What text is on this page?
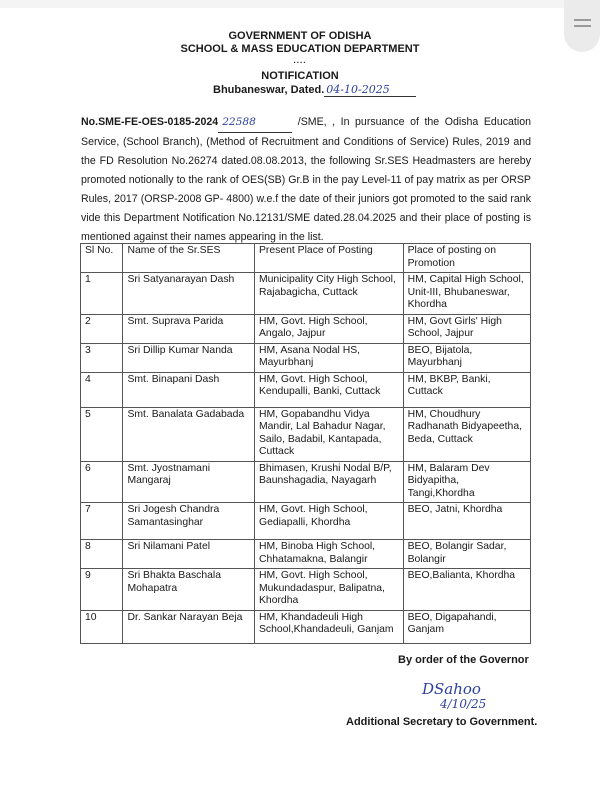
GOVERNMENT OF ODISHA
SCHOOL & MASS EDUCATION DEPARTMENT
....
NOTIFICATION
Bhubaneswar, Dated. 04-10-2025
No.SME-FE-OES-0185-2024 22588	/SME, , In pursuance of the Odisha Education Service, (School Branch), (Method of Recruitment and Conditions of Service) Rules, 2019 and the FD Resolution No.26274 dated.08.08.2013, the following Sr.SES Headmasters are hereby promoted notionally to the rank of OES(SB) Gr.B in the pay Level-11 of pay matrix as per ORSP Rules, 2017 (ORSP-2008 GP- 4800) w.e.f the date of their juniors got promoted to the said rank vide this Department Notification No.12131/SME dated.28.04.2025 and their place of posting is mentioned against their names appearing in the list.
Sl No.	Name of the Sr.SES	Present Place of Posting	Place of posting on Promotion
1	Sri Satyanarayan Dash	Municipality City High School, Rajabagicha, Cuttack	HM, Capital High School, Unit-III, Bhubaneswar, Khordha
2	Smt. Suprava Parida	HM, Govt. High School, Angalo, Jajpur	HM, Govt Girls' High School, Jajpur
3	Sri Dillip Kumar Nanda	HM, Asana Nodal HS, Mayurbhanj	BEO, Bijatola, Mayurbhanj
4	Smt. Binapani Dash	HM, Govt. High School, Kendupalli, Banki, Cuttack	HM, BKBP, Banki, Cuttack
5	Smt. Banalata Gadabada	HM, Gopabandhu Vidya Mandir, Lal Bahadur Nagar, Sailo, Badabil, Kantapada, Cuttack	HM, Choudhury Radhanath Bidyapeetha, Beda, Cuttack
6	Smt. Jyostnamani Mangaraj	Bhimasen, Krushi Nodal B/P, Baunshagadia, Nayagarh	HM, Balaram Dev Bidyapitha, Tangi,Khordha
7	Sri Jogesh Chandra Samantasinghar	HM, Govt. High School, Gediapalli, Khordha	BEO, Jatni, Khordha
8	Sri Nilamani Patel	HM, Binoba High School, Chhatamakna, Balangir	BEO, Bolangir Sadar, Bolangir
9	Sri Bhakta Baschala Mohapatra	HM, Govt. High School, Mukundadaspur, Balipatna, Khordha	BEO,Balianta, Khordha
10	Dr. Sankar Narayan Beja	HM, Khandadeuli High School,Khandadeuli, Ganjam	BEO, Digapahandi, Ganjam
By order of the Governor
DSahoo
4/10/25
Additional Secretary to Government.
